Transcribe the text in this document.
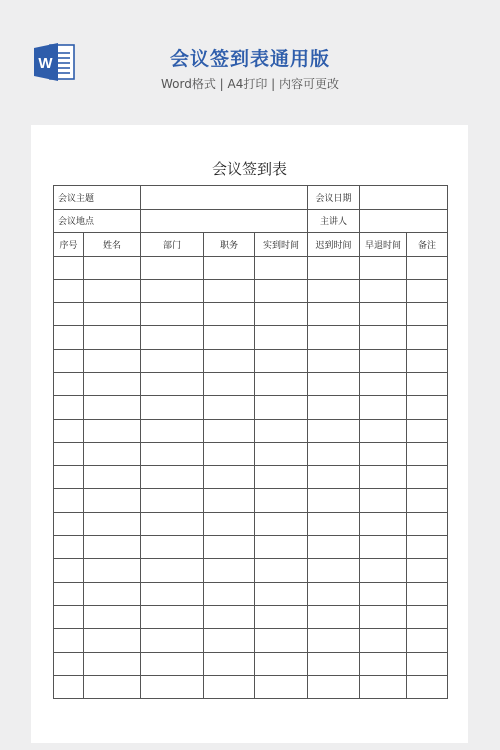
W	会议签到表通用版
Word格式 | A4打印 | 内容可更改
会议签到表
会议主题					会议日期		
会议地点					主讲人		
序号	姓名	部门	职务	实到时间	迟到时间	早退时间	备注
